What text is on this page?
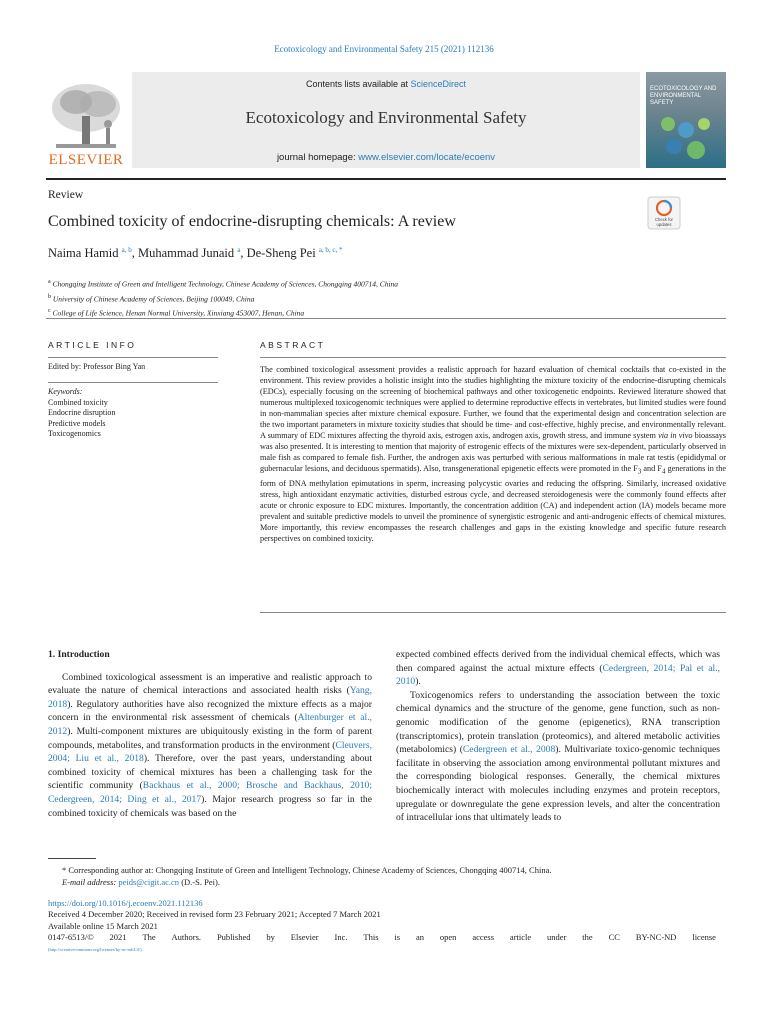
Ecotoxicology and Environmental Safety 215 (2021) 112136
ELSEVIER
Contents lists available at ScienceDirect
Ecotoxicology and Environmental Safety
journal homepage: www.elsevier.com/locate/ecoenv
ECOTOXICOLOGY AND ENVIRONMENTAL SAFETY
Review
Combined toxicity of endocrine-disrupting chemicals: A review	Check for
updates
Naima Hamid $^{a, b}$, Muhammad Junaid $^a$, De-Sheng Pei $^{a, b, c, *}$
$^a$ Chongqing Institute of Green and Intelligent Technology, Chinese Academy of Sciences, Chongqing 400714, China
$^b$ University of Chinese Academy of Sciences, Beijing 100049, China
$^c$ College of Life Science, Henan Normal University, Xinxiang 453007, Henan, China
ARTICLE INFO
Edited by: Professor Bing Yan
Keywords:
Combined toxicity
Endocrine disruption
Predictive models
Toxicogenomics
ABSTRACT
The combined toxicological assessment provides a realistic approach for hazard evaluation of chemical cocktails that co-existed in the environment. This review provides a holistic insight into the studies highlighting the mixture toxicity of the endocrine-disrupting chemicals (EDCs), especially focusing on the screening of biochemical pathways and other toxicogenetic endpoints. Reviewed literature showed that numerous multiplexed toxicogenomic techniques were applied to determine reproductive effects in vertebrates, but limited studies were found in non-mammalian species after mixture chemical exposure. Further, we found that the experimental design and concentration selection are the two important parameters in mixture toxicity studies that should be time- and cost-effective, highly precise, and environmentally relevant. A summary of EDC mixtures affecting the thyroid axis, estrogen axis, androgen axis, growth stress, and immune system via in vivo bioassays was also presented. It is interesting to mention that majority of estrogenic effects of the mixtures were sex-dependent, particularly observed in male fish as compared to female fish. Further, the androgen axis was perturbed with serious malformations in male rat testis (epididymal or gubernacular lesions, and deciduous spermatids). Also, transgenerational epigenetic effects were promoted in the $F_3$ and $F_4$ generations in the form of DNA methylation epimutations in sperm, increasing polycystic ovaries and reducing the offspring. Similarly, increased oxidative stress, high antioxidant enzymatic activities, disturbed estrous cycle, and decreased steroidogenesis were the commonly found effects after acute or chronic exposure to EDC mixtures. Importantly, the concentration addition (CA) and independent action (IA) models became more prevalent and suitable predictive models to unveil the prominence of synergistic estrogenic and anti-androgenic effects of chemical mixtures. More importantly, this review encompasses the research challenges and gaps in the existing knowledge and specific future research perspectives on combined toxicity.
1. Introduction

Combined toxicological assessment is an imperative and realistic approach to evaluate the nature of chemical interactions and associated health risks (Yang, 2018). Regulatory authorities have also recognized the mixture effects as a major concern in the environmental risk assessment of chemicals (Altenburger et al., 2012). Multi-component mixtures are ubiquitously existing in the form of parent compounds, metabolites, and transformation products in the environment (Cleuvers, 2004; Liu et al., 2018). Therefore, over the past years, understanding about combined toxicity of chemical mixtures has been a challenging task for the scientific community (Backhaus et al., 2000; Brosche and Backhaus, 2010; Cedergreen, 2014; Ding et al., 2017). Major research progress so far in the combined toxicity of chemicals was based on the

expected combined effects derived from the individual chemical effects, which was then compared against the actual mixture effects (Cedergreen, 2014; Pal et al., 2010).

Toxicogenomics refers to understanding the association between the toxic chemical dynamics and the structure of the genome, gene function, such as non-genomic modification of the genome (epigenetics), RNA transcription (transcriptomics), protein translation (proteomics), and altered metabolic activities (metabolomics) (Cedergreen et al., 2008). Multivariate toxico-genomic techniques facilitate in observing the association among environmental pollutant mixtures and the corresponding biological responses. Generally, the chemical mixtures biochemically interact with molecules including enzymes and protein receptors, upregulate or downregulate the gene expression levels, and alter the concentration of intracellular ions that ultimately leads to

* Corresponding author at: Chongqing Institute of Green and Intelligent Technology, Chinese Academy of Sciences, Chongqing 400714, China.
E-mail address: peids@cigit.ac.cn (D.-S. Pei).
https://doi.org/10.1016/j.ecoenv.2021.112136
Received 4 December 2020; Received in revised form 23 February 2021; Accepted 7 March 2021
Available online 15 March 2021
0147-6513/© 2021 The Authors. Published by Elsevier Inc. This is an open access article under the CC BY-NC-ND license
(http://creativecommons.org/licenses/by-nc-nd/4.0/).
